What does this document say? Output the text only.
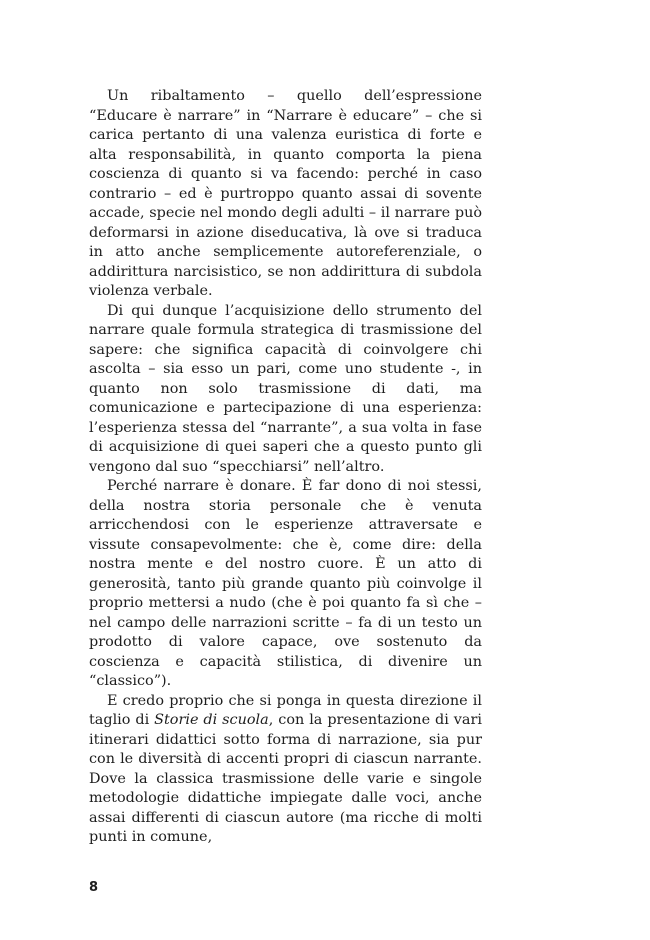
Un ribaltamento – quello dell’espressione “Educare è narrare” in “Narrare è educare” – che si carica pertanto di una valenza euristica di forte e alta responsabilità, in quanto comporta la piena coscienza di quanto si va facendo: perché in caso contrario – ed è purtroppo quanto assai di sovente accade, specie nel mondo degli adulti – il narrare può deformarsi in azione diseducativa, là ove si traduca in atto anche semplicemente autoreferenziale, o addirittura narcisistico, se non addirittura di subdola violenza verbale.

Di qui dunque l’acquisizione dello strumento del narrare quale formula strategica di trasmissione del sapere: che significa capacità di coinvolgere chi ascolta – sia esso un pari, come uno studente -, in quanto non solo trasmissione di dati, ma comunicazione e partecipazione di una esperienza: l’esperienza stessa del “narrante”, a sua volta in fase di acquisizione di quei saperi che a questo punto gli vengono dal suo “specchiarsi” nell’altro.

Perché narrare è donare. È far dono di noi stessi, della nostra storia personale che è venuta arricchendosi con le esperienze attraversate e vissute consapevolmente: che è, come dire: della nostra mente e del nostro cuore. È un atto di generosità, tanto più grande quanto più coinvolge il proprio mettersi a nudo (che è poi quanto fa sì che – nel campo delle narrazioni scritte – fa di un testo un prodotto di valore capace, ove sostenuto da coscienza e capacità stilistica, di divenire un “classico”).

E credo proprio che si ponga in questa direzione il taglio di Storie di scuola, con la presentazione di vari itinerari didattici sotto forma di narrazione, sia pur con le diversità di accenti propri di ciascun narrante. Dove la classica trasmissione delle varie e singole metodologie didattiche impiegate dalle voci, anche assai differenti di ciascun autore (ma ricche di molti punti in comune,

8
